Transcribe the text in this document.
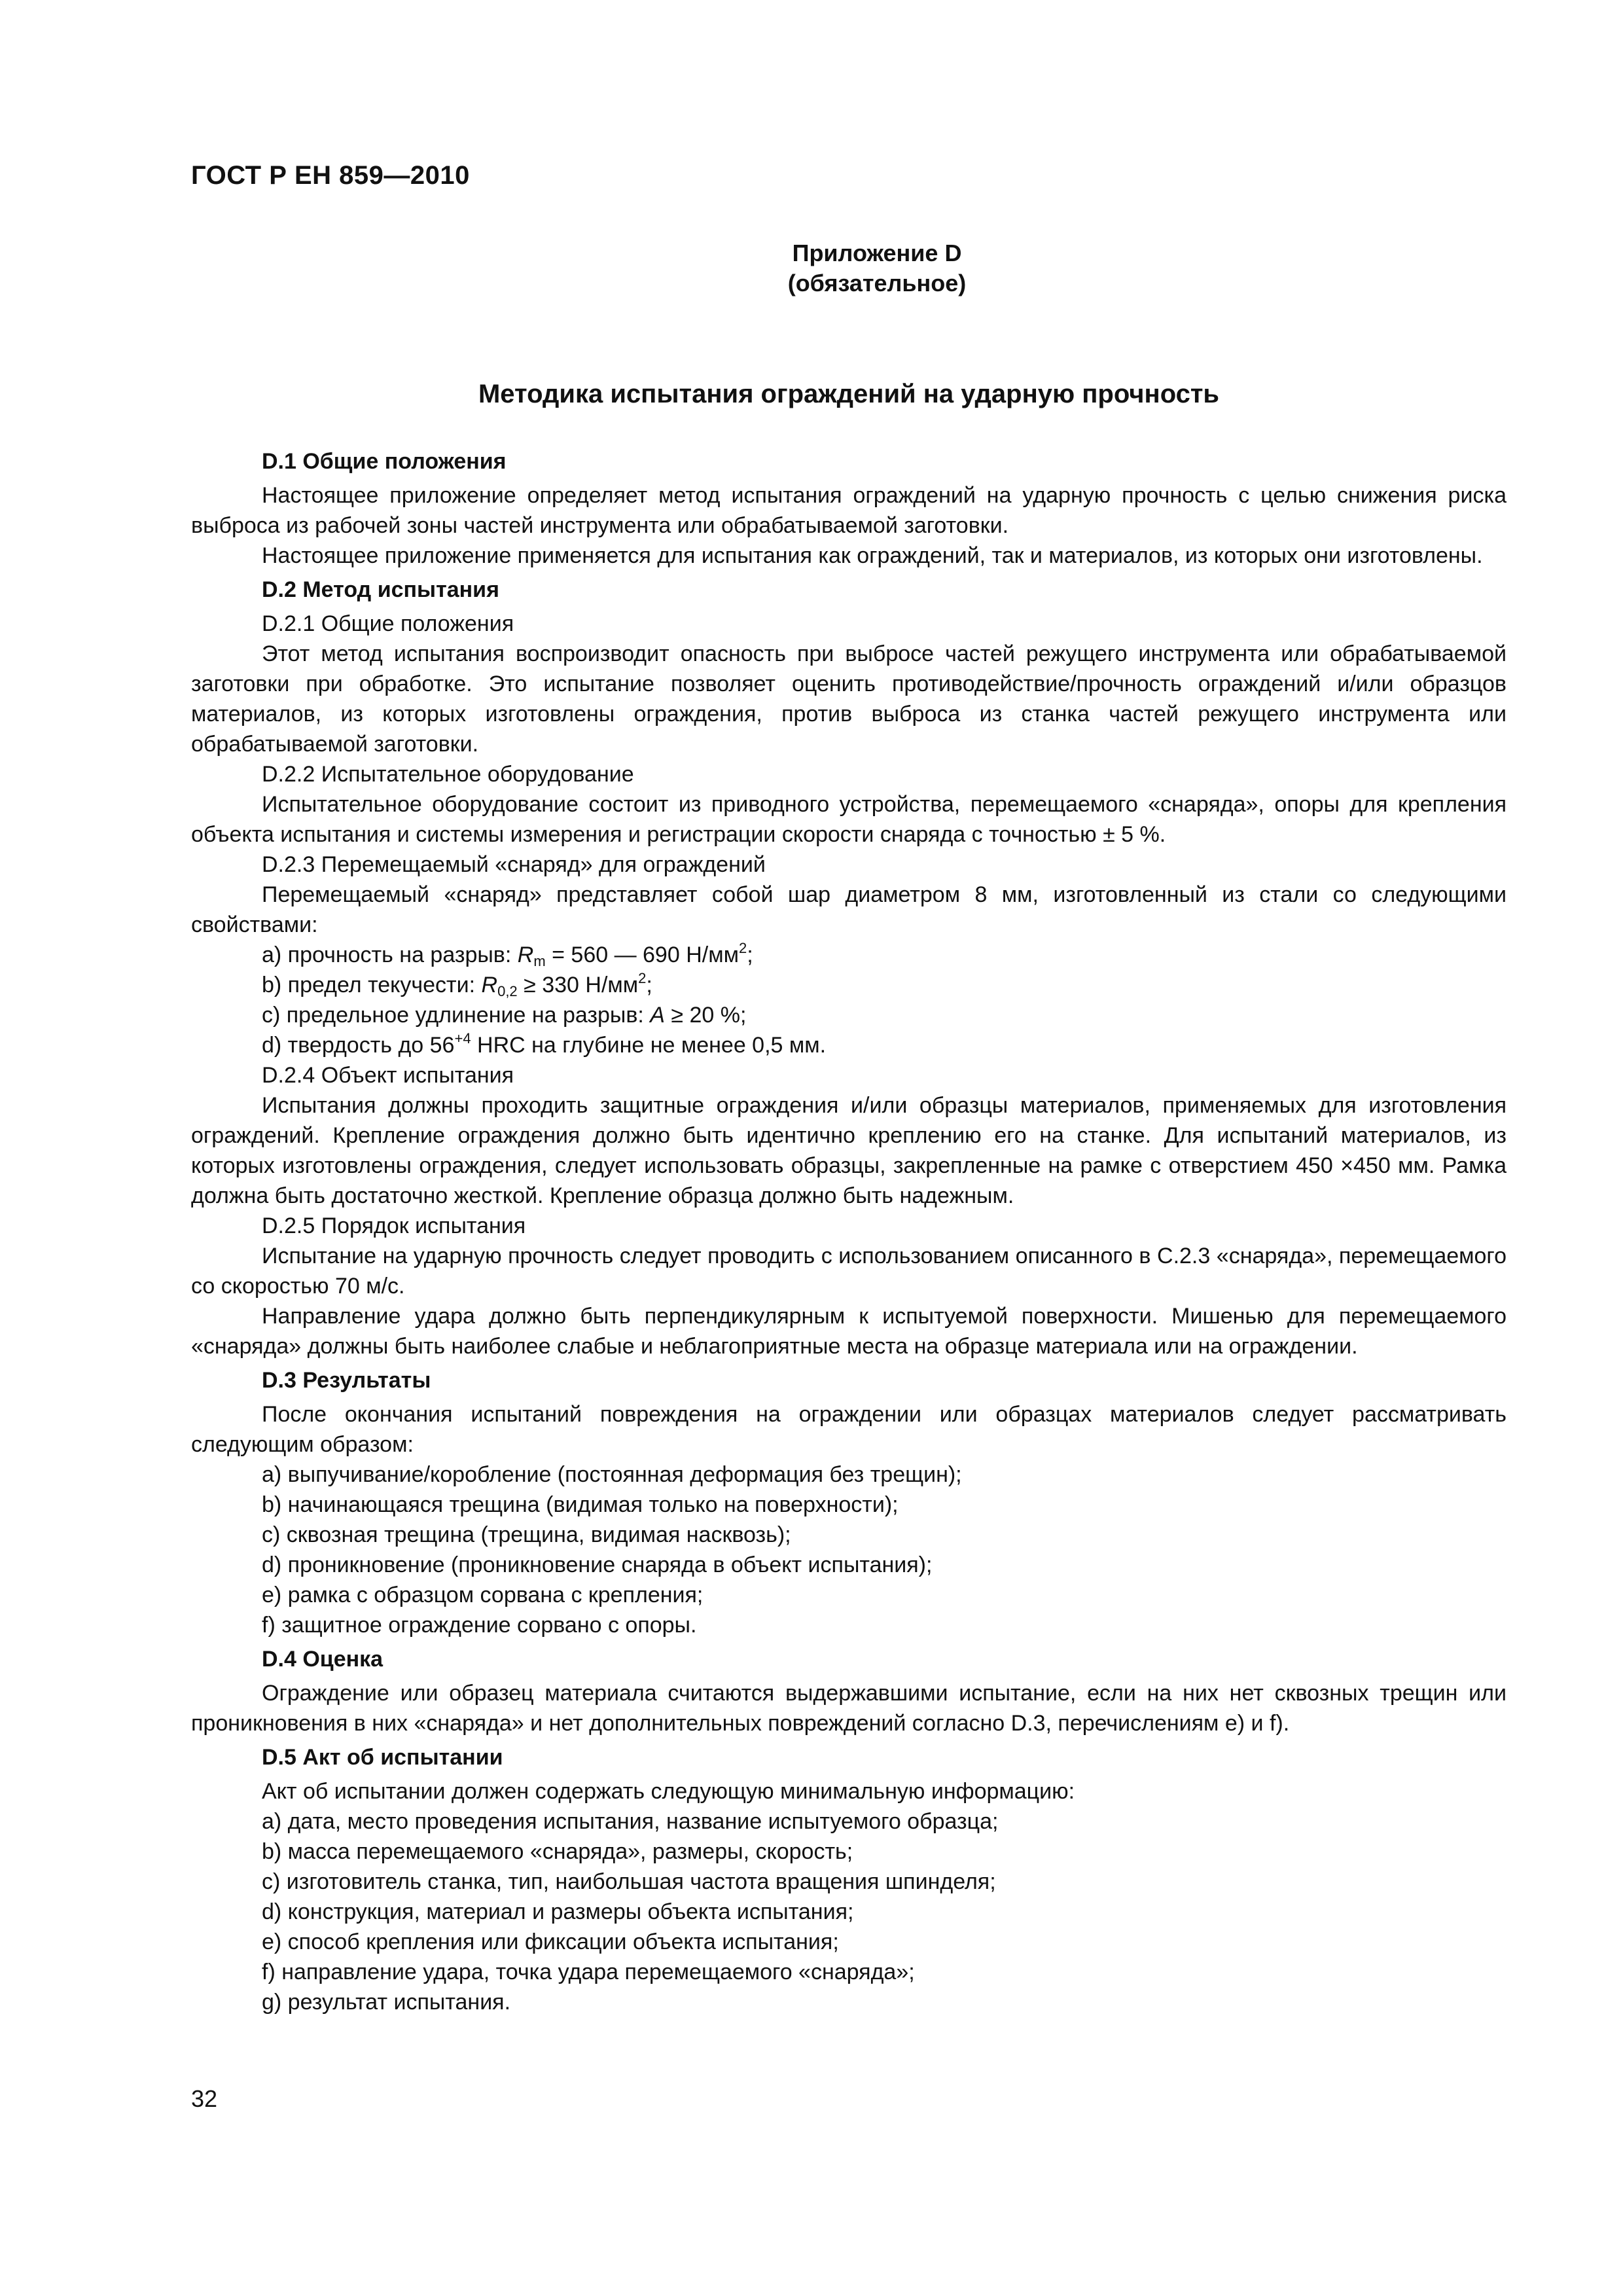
ГОСТ Р ЕН 859—2010
Приложение D
(обязательное)
Методика испытания ограждений на ударную прочность

D.1 Общие положения

Настоящее приложение определяет метод испытания ограждений на ударную прочность с целью снижения риска выброса из рабочей зоны частей инструмента или обрабатываемой заготовки.

Настоящее приложение применяется для испытания как ограждений, так и материалов, из которых они изготовлены.

D.2 Метод испытания

D.2.1 Общие положения

Этот метод испытания воспроизводит опасность при выбросе частей режущего инструмента или обрабатываемой заготовки при обработке. Это испытание позволяет оценить противодействие/прочность ограждений и/или образцов материалов, из которых изготовлены ограждения, против выброса из станка частей режущего инструмента или обрабатываемой заготовки.

D.2.2 Испытательное оборудование

Испытательное оборудование состоит из приводного устройства, перемещаемого «снаряда», опоры для крепления объекта испытания и системы измерения и регистрации скорости снаряда с точностью ± 5 %.

D.2.3 Перемещаемый «снаряд» для ограждений

Перемещаемый «снаряд» представляет собой шар диаметром 8 мм, изготовленный из стали со следующими свойствами:

a) прочность на разрыв: $R_m = 560$ — 690 $Н/мм^2$;

b) предел текучести: $R_{0,2} \ge 330$ $Н/мм^2$;

c) предельное удлинение на разрыв: A ≥ 20 %;

d) твердость до $56^{+4}$ HRC на глубине не менее 0,5 мм.

D.2.4 Объект испытания

Испытания должны проходить защитные ограждения и/или образцы материалов, применяемых для изготовления ограждений. Крепление ограждения должно быть идентично креплению его на станке. Для испытаний материалов, из которых изготовлены ограждения, следует использовать образцы, закрепленные на рамке с отверстием 450 ×450 мм. Рамка должна быть достаточно жесткой. Крепление образца должно быть надежным.

D.2.5 Порядок испытания

Испытание на ударную прочность следует проводить с использованием описанного в С.2.3 «снаряда», перемещаемого со скоростью 70 м/с.

Направление удара должно быть перпендикулярным к испытуемой поверхности. Мишенью для перемещаемого «снаряда» должны быть наиболее слабые и неблагоприятные места на образце материала или на ограждении.

D.3 Результаты

После окончания испытаний повреждения на ограждении или образцах материалов следует рассматривать следующим образом:

a) выпучивание/коробление (постоянная деформация без трещин);

b) начинающаяся трещина (видимая только на поверхности);

c) сквозная трещина (трещина, видимая насквозь);

d) проникновение (проникновение снаряда в объект испытания);

e) рамка с образцом сорвана с крепления;

f) защитное ограждение сорвано с опоры.

D.4 Оценка

Ограждение или образец материала считаются выдержавшими испытание, если на них нет сквозных трещин или проникновения в них «снаряда» и нет дополнительных повреждений согласно D.3, перечислениям e) и f).

D.5 Акт об испытании

Акт об испытании должен содержать следующую минимальную информацию:

a) дата, место проведения испытания, название испытуемого образца;

b) масса перемещаемого «снаряда», размеры, скорость;

c) изготовитель станка, тип, наибольшая частота вращения шпинделя;

d) конструкция, материал и размеры объекта испытания;

e) способ крепления или фиксации объекта испытания;

f) направление удара, точка удара перемещаемого «снаряда»;

g) результат испытания.

32
